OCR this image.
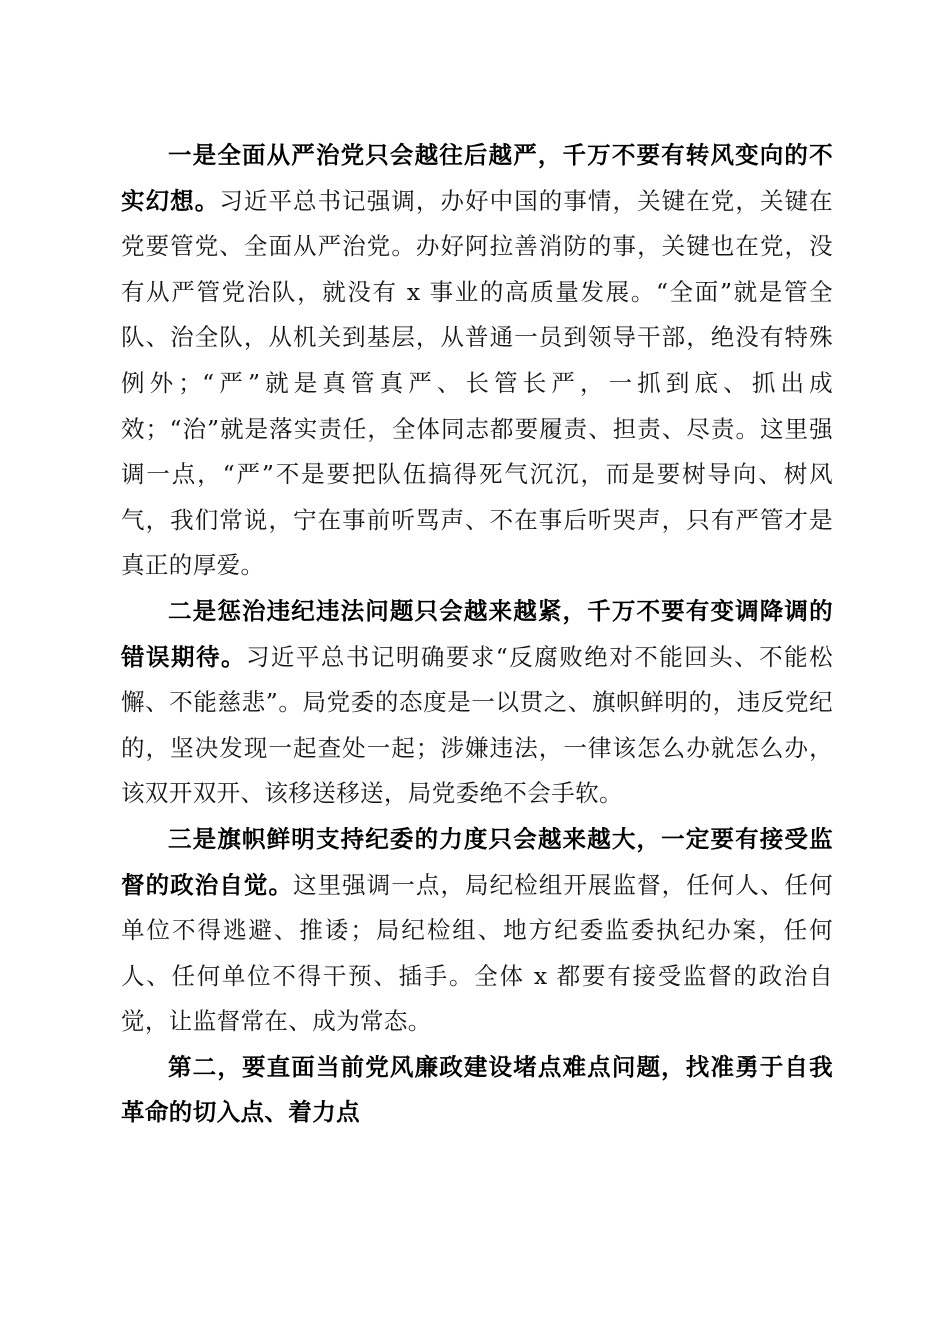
一是全面从严治党只会越往后越严，千万不要有转风变向的不实幻想。习近平总书记强调，办好中国的事情，关键在党，关键在党要管党、全面从严治党。办好阿拉善消防的事，关键也在党，没有从严管党治队，就没有 x 事业的高质量发展。“全面”就是管全队、治全队，从机关到基层，从普通一员到领导干部，绝没有特殊例外；“严”就是真管真严、长管长严，一抓到底、抓出成效；“治”就是落实责任，全体同志都要履责、担责、尽责。这里强调一点，“严”不是要把队伍搞得死气沉沉，而是要树导向、树风气，我们常说，宁在事前听骂声、不在事后听哭声，只有严管才是真正的厚爱。

二是惩治违纪违法问题只会越来越紧，千万不要有变调降调的错误期待。习近平总书记明确要求“反腐败绝对不能回头、不能松懈、不能慈悲”。局党委的态度是一以贯之、旗帜鲜明的，违反党纪的，坚决发现一起查处一起；涉嫌违法，一律该怎么办就怎么办，该双开双开、该移送移送，局党委绝不会手软。

三是旗帜鲜明支持纪委的力度只会越来越大，一定要有接受监督的政治自觉。这里强调一点，局纪检组开展监督，任何人、任何单位不得逃避、推诿；局纪检组、地方纪委监委执纪办案，任何人、任何单位不得干预、插手。全体 x 都要有接受监督的政治自觉，让监督常在、成为常态。

第二，要直面当前党风廉政建设堵点难点问题，找准勇于自我革命的切入点、着力点
